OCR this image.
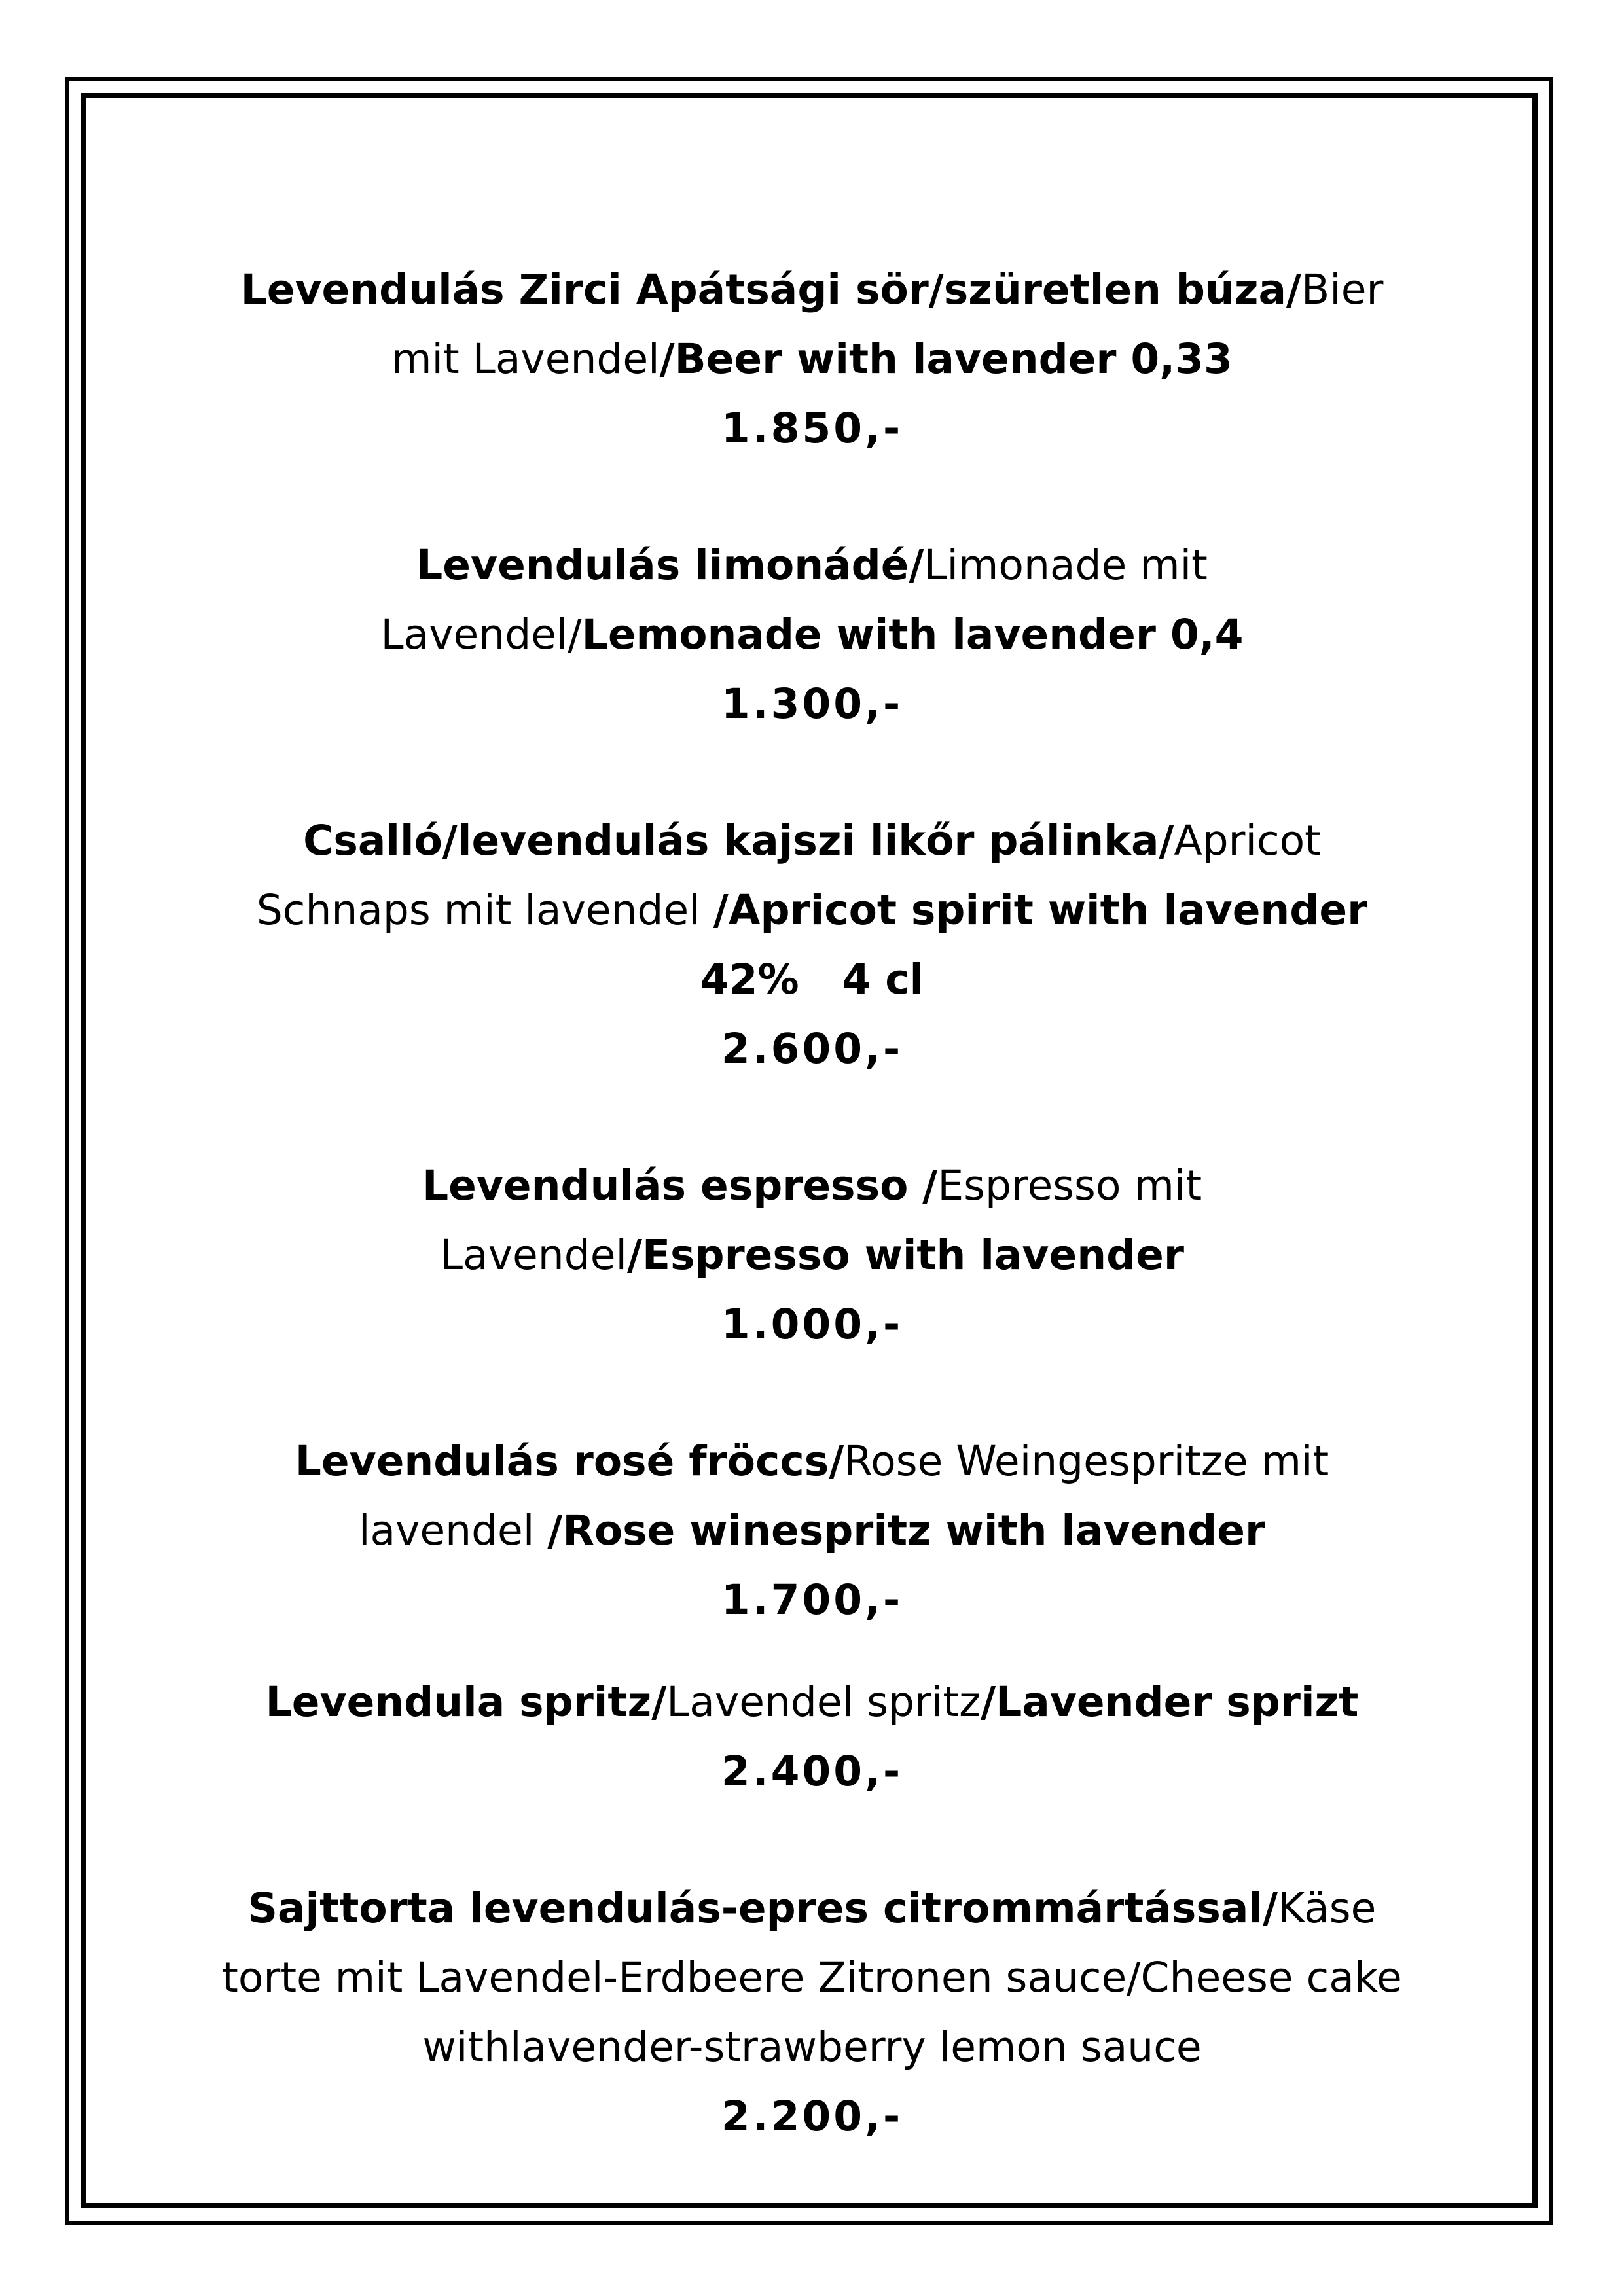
Levendulás Zirci Apátsági sör/szüretlen búza/Bier mit Lavendel/Beer with lavender 0,33
1.850,-
Levendulás limonádé/Limonade mit Lavendel/Lemonade with lavender 0,4
1.300,-
Csalló/levendulás kajszi likőr pálinka/Apricot Schnaps mit lavendel /Apricot spirit with lavender
42%   4 cl
2.600,-
Levendulás espresso /Espresso mit Lavendel/Espresso with lavender
1.000,-
Levendulás rosé fröccs/Rose Weingespritze mit lavendel /Rose winespritz with lavender
1.700,-
Levendula spritz/Lavendel spritz/Lavender sprizt
2.400,-
Sajttorta levendulás-epres citrommártással/Käse torte mit Lavendel-Erdbeere Zitronen sauce/Cheese cake withlavender-strawberry lemon sauce
2.200,-
